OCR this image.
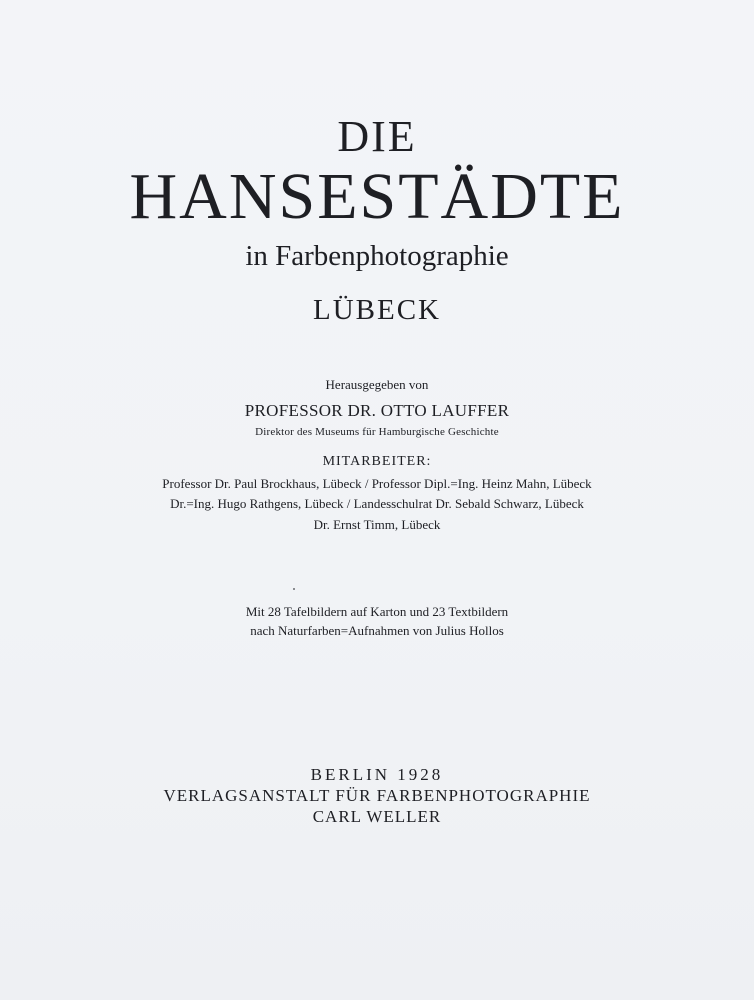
DIE
HANSESTÄDTE
in Farbenphotographie
LÜBECK
Herausgegeben von
PROFESSOR DR. OTTO LAUFFER
Direktor des Museums für Hamburgische Geschichte
MITARBEITER:
Professor Dr. Paul Brockhaus, Lübeck / Professor Dipl.=Ing. Heinz Mahn, Lübeck
Dr.=Ing. Hugo Rathgens, Lübeck / Landesschulrat Dr. Sebald Schwarz, Lübeck
Dr. Ernst Timm, Lübeck
Mit 28 Tafelbildern auf Karton und 23 Textbildern
nach Naturfarben=Aufnahmen von Julius Hollos
BERLIN 1928
VERLAGSANSTALT FÜR FARBENPHOTOGRAPHIE
CARL WELLER
